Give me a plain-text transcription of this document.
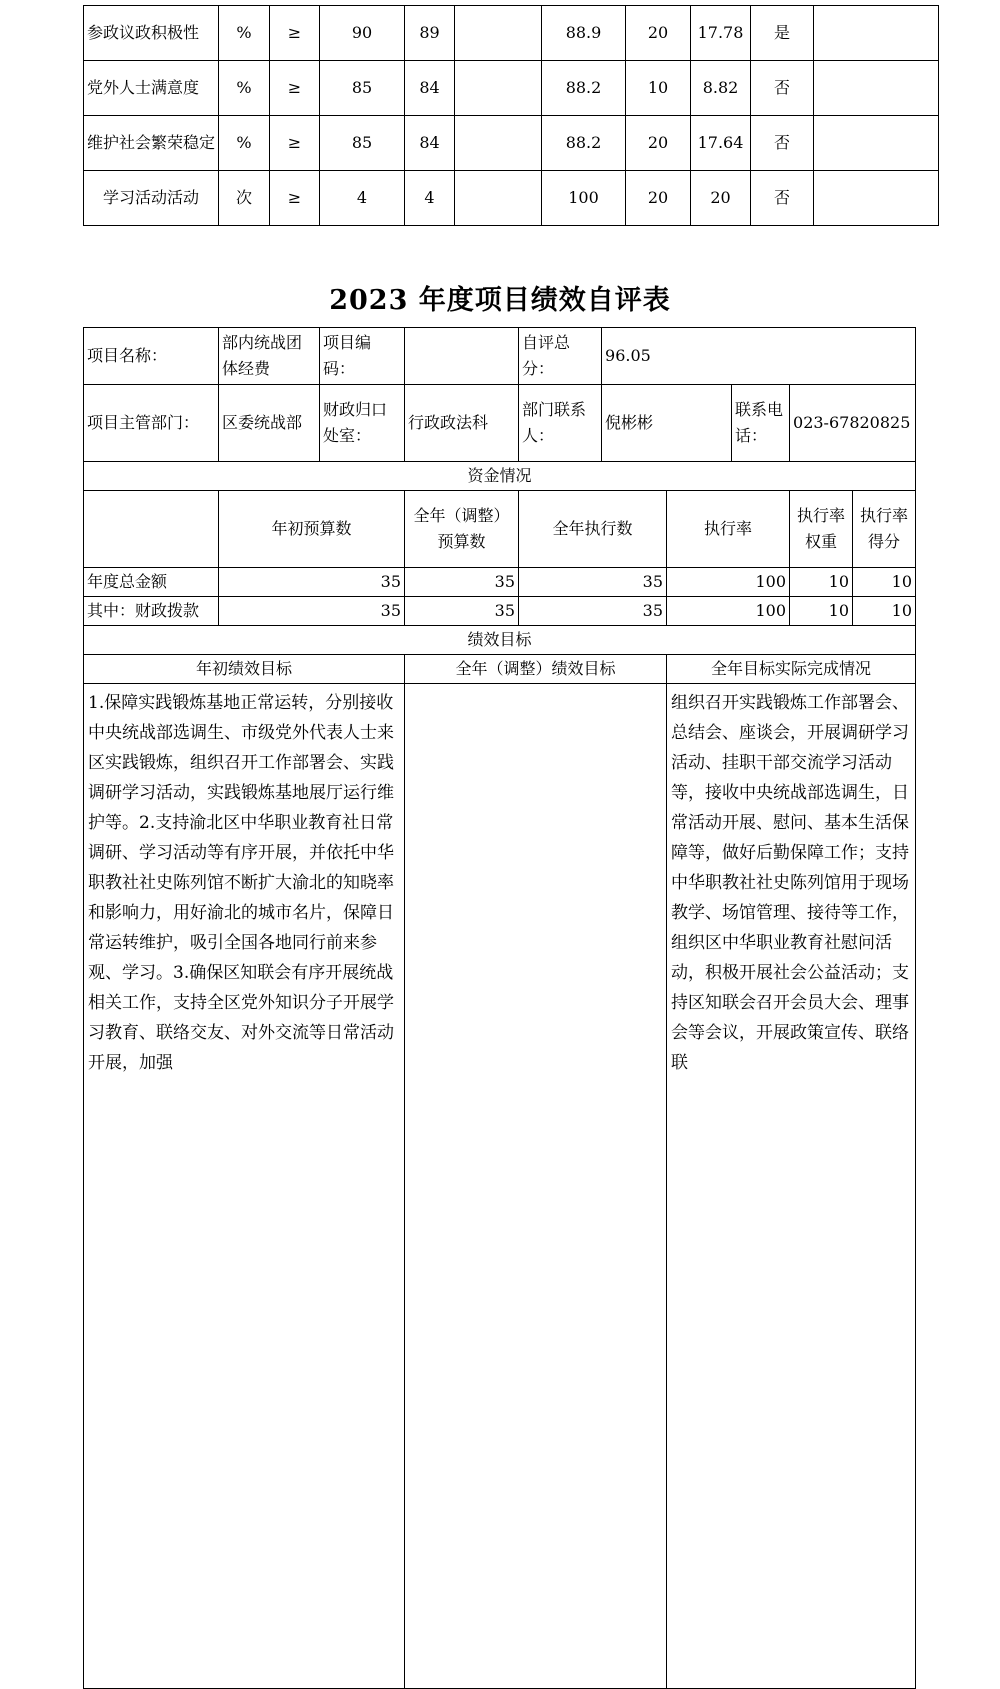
参政议政积极性	%	≥	90	89		88.9	20	17.78	是	
党外人士满意度	%	≥	85	84		88.2	10	8.82	否	
维护社会繁荣稳定	%	≥	85	84		88.2	20	17.64	否	
学习活动活动	次	≥	4	4		100	20	20	否	
2023 年度项目绩效自评表
项目名称：	部内统战团体经费	项目编码：		自评总分：	96.05				
项目主管部门：	区委统战部	财政归口处室：	行政政法科	部门联系人：	倪彬彬		联系电话：	023-67820825	
资金情况									
	年初预算数		全年（调整）预算数	全年执行数		执行率		执行率权重	执行率得分
年度总金额	35		35	35		100		10	10
其中：财政拨款	35		35	35		100		10	10
绩效目标									
年初绩效目标			全年（调整）绩效目标			全年目标实际完成情况			
1.保障实践锻炼基地正常运转，分别接收中央统战部选调生、市级党外代表人士来区实践锻炼，组织召开工作部署会、实践调研学习活动，实践锻炼基地展厅运行维护等。2.支持渝北区中华职业教育社日常调研、学习活动等有序开展，并依托中华职教社社史陈列馆不断扩大渝北的知晓率和影响力，用好渝北的城市名片，保障日常运转维护，吸引全国各地同行前来参观、学习。3.确保区知联会有序开展统战相关工作，支持全区党外知识分子开展学习教育、联络交友、对外交流等日常活动开展，加强						组织召开实践锻炼工作部署会、总结会、座谈会，开展调研学习活动、挂职干部交流学习活动等，接收中央统战部选调生，日常活动开展、慰问、基本生活保障等，做好后勤保障工作；支持中华职教社社史陈列馆用于现场教学、场馆管理、接待等工作，组织区中华职业教育社慰问活动，积极开展社会公益活动；支持区知联会召开会员大会、理事会等会议，开展政策宣传、联络联			
